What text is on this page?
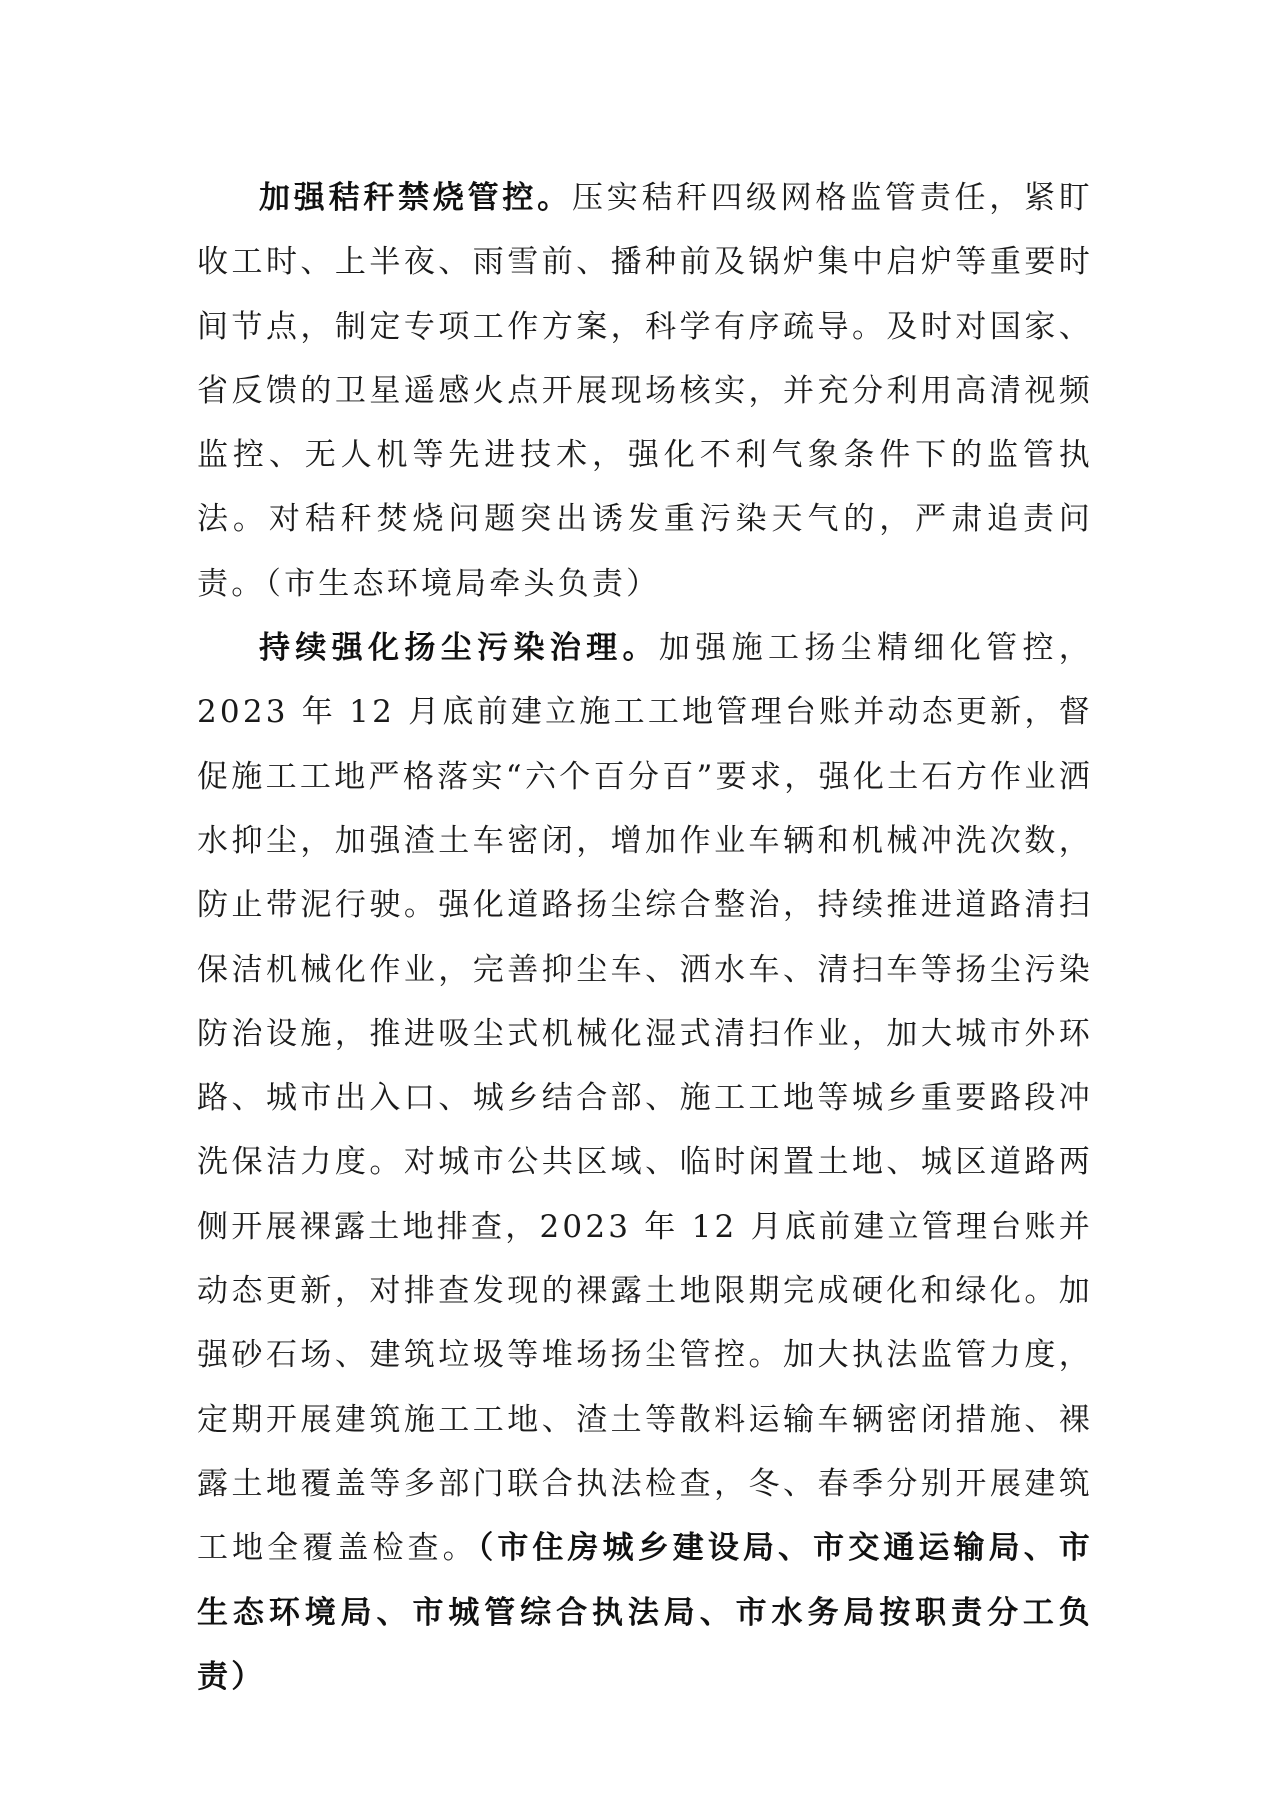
加强秸秆禁烧管控。压实秸秆四级网格监管责任，紧盯收工时、上半夜、雨雪前、播种前及锅炉集中启炉等重要时间节点，制定专项工作方案，科学有序疏导。及时对国家、省反馈的卫星遥感火点开展现场核实，并充分利用高清视频监控、无人机等先进技术，强化不利气象条件下的监管执法。对秸秆焚烧问题突出诱发重污染天气的，严肃追责问责。（市生态环境局牵头负责）

持续强化扬尘污染治理。加强施工扬尘精细化管控，2023 年 12 月底前建立施工工地管理台账并动态更新，督促施工工地严格落实“六个百分百”要求，强化土石方作业洒水抑尘，加强渣土车密闭，增加作业车辆和机械冲洗次数，防止带泥行驶。强化道路扬尘综合整治，持续推进道路清扫保洁机械化作业，完善抑尘车、洒水车、清扫车等扬尘污染防治设施，推进吸尘式机械化湿式清扫作业，加大城市外环路、城市出入口、城乡结合部、施工工地等城乡重要路段冲洗保洁力度。对城市公共区域、临时闲置土地、城区道路两侧开展裸露土地排查，2023 年 12 月底前建立管理台账并动态更新，对排查发现的裸露土地限期完成硬化和绿化。加强砂石场、建筑垃圾等堆场扬尘管控。加大执法监管力度，定期开展建筑施工工地、渣土等散料运输车辆密闭措施、裸露土地覆盖等多部门联合执法检查，冬、春季分别开展建筑工地全覆盖检查。（市住房城乡建设局、市交通运输局、市生态环境局、市城管综合执法局、市水务局按职责分工负责）
